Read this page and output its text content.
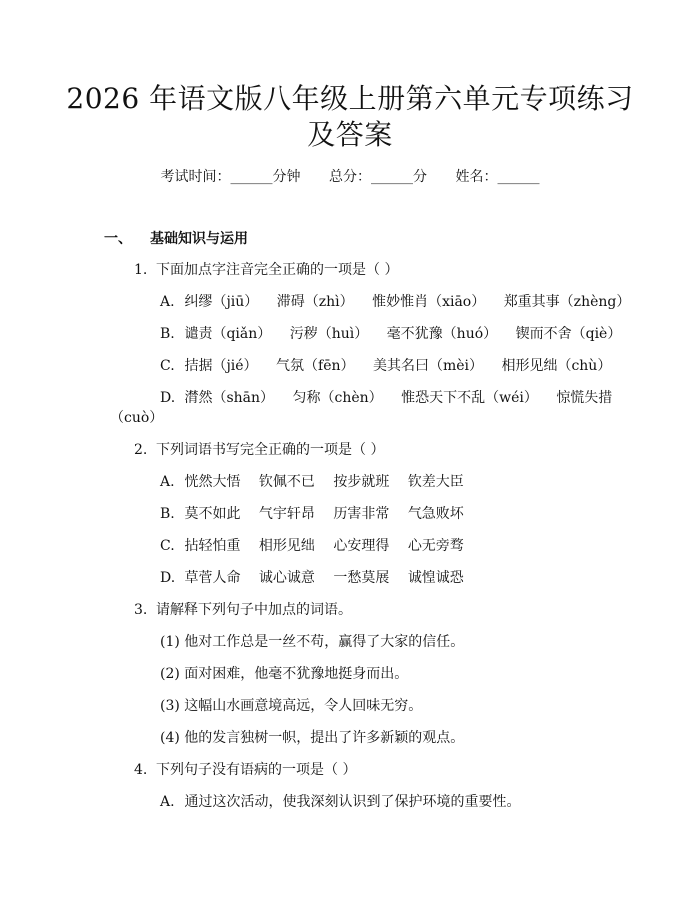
2026 年语文版八年级上册第六单元专项练习
及答案
考试时间：______分钟 总分：______分 姓名：______
一、 基础知识与运用
1. 下面加点字注音完全正确的一项是（ ）
A. 纠缪（jiū） 滞碍（zhì） 惟妙惟肖（xiāo） 郑重其事（zhèng）
B. 谴责（qiǎn） 污秽（huì） 毫不犹豫（huó） 锲而不舍（qiè）
C. 拮据（jié） 气氛（fēn） 美其名曰（mèi） 相形见绌（chù）
D. 潸然（shān） 匀称（chèn） 惟恐天下不乱（wéi） 惊慌失措
（cuò）
2. 下列词语书写完全正确的一项是（ ）
A. 恍然大悟 钦佩不已 按步就班 钦差大臣
B. 莫不如此 气宇轩昂 历害非常 气急败坏
C. 拈轻怕重 相形见绌 心安理得 心无旁骛
D. 草菅人命 诚心诚意 一愁莫展 诚惶诚恐
3. 请解释下列句子中加点的词语。
(1) 他对工作总是一丝不苟，赢得了大家的信任。
(2) 面对困难，他毫不犹豫地挺身而出。
(3) 这幅山水画意境高远，令人回味无穷。
(4) 他的发言独树一帜，提出了许多新颖的观点。
4. 下列句子没有语病的一项是（ ）
A. 通过这次活动，使我深刻认识到了保护环境的重要性。
